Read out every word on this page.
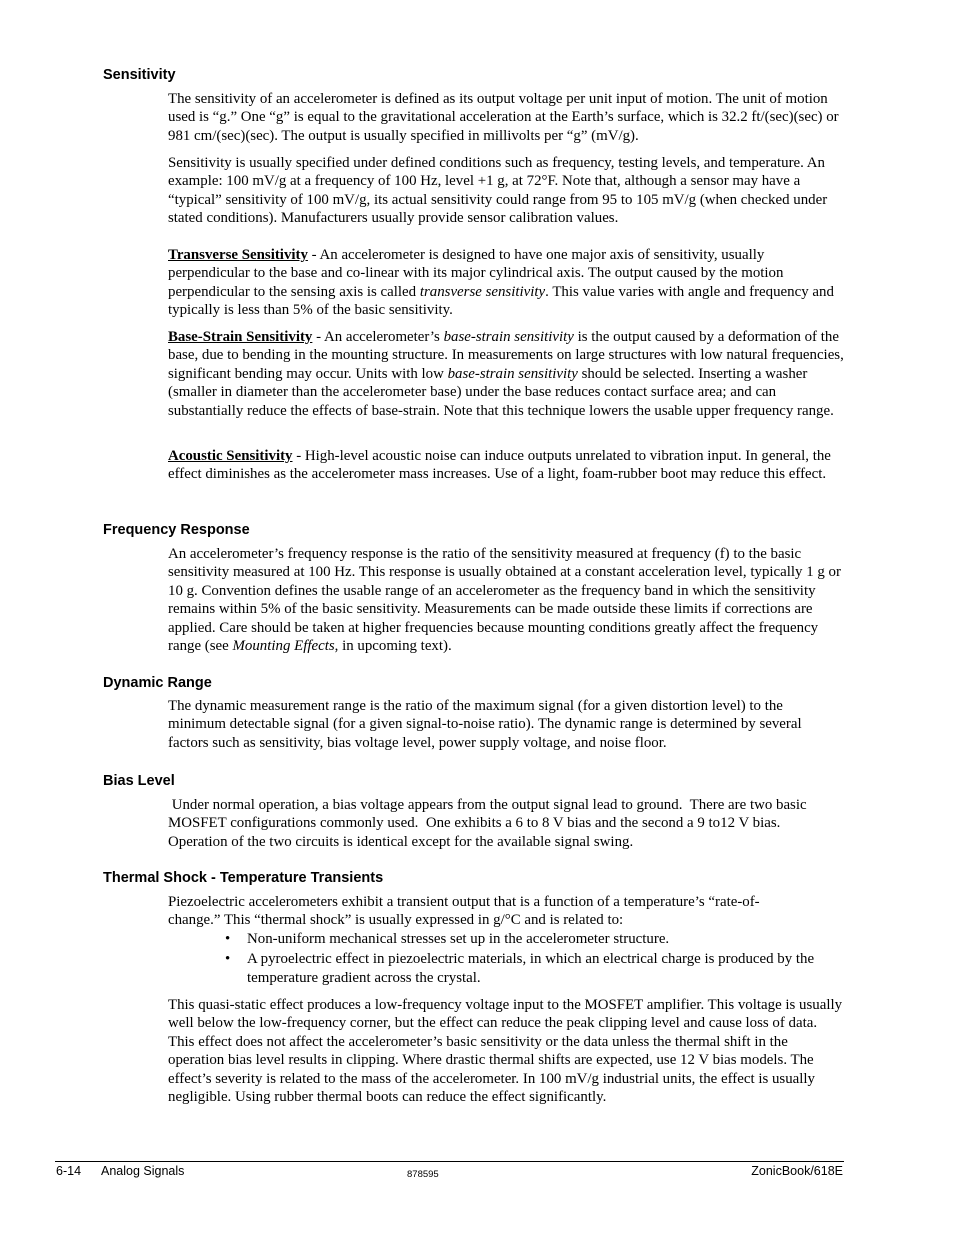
Sensitivity

The sensitivity of an accelerometer is defined as its output voltage per unit input of motion. The unit of motion used is “g.” One “g” is equal to the gravitational acceleration at the Earth’s surface, which is 32.2 ft/(sec)(sec) or 981 cm/(sec)(sec). The output is usually specified in millivolts per “g” (mV/g).

Sensitivity is usually specified under defined conditions such as frequency, testing levels, and temperature. An example: 100 mV/g at a frequency of 100 Hz, level +1 g, at 72°F. Note that, although a sensor may have a “typical” sensitivity of 100 mV/g, its actual sensitivity could range from 95 to 105 mV/g (when checked under stated conditions). Manufacturers usually provide sensor calibration values.

Transverse Sensitivity - An accelerometer is designed to have one major axis of sensitivity, usually perpendicular to the base and co-linear with its major cylindrical axis. The output caused by the motion perpendicular to the sensing axis is called transverse sensitivity. This value varies with angle and frequency and typically is less than 5% of the basic sensitivity.

Base-Strain Sensitivity - An accelerometer’s base-strain sensitivity is the output caused by a deformation of the base, due to bending in the mounting structure. In measurements on large structures with low natural frequencies, significant bending may occur. Units with low base-strain sensitivity should be selected. Inserting a washer (smaller in diameter than the accelerometer base) under the base reduces contact surface area; and can substantially reduce the effects of base-strain. Note that this technique lowers the usable upper frequency range.

Acoustic Sensitivity - High-level acoustic noise can induce outputs unrelated to vibration input. In general, the effect diminishes as the accelerometer mass increases. Use of a light, foam-rubber boot may reduce this effect.

Frequency Response

An accelerometer’s frequency response is the ratio of the sensitivity measured at frequency (f) to the basic sensitivity measured at 100 Hz. This response is usually obtained at a constant acceleration level, typically 1 g or 10 g. Convention defines the usable range of an accelerometer as the frequency band in which the sensitivity remains within 5% of the basic sensitivity. Measurements can be made outside these limits if corrections are applied. Care should be taken at higher frequencies because mounting conditions greatly affect the frequency range (see Mounting Effects, in upcoming text).

Dynamic Range

The dynamic measurement range is the ratio of the maximum signal (for a given distortion level) to the minimum detectable signal (for a given signal-to-noise ratio). The dynamic range is determined by several factors such as sensitivity, bias voltage level, power supply voltage, and noise floor.

Bias Level

Under normal operation, a bias voltage appears from the output signal lead to ground.  There are two basic MOSFET configurations commonly used.  One exhibits a 6 to 8 V bias and the second a 9 to12 V bias.  Operation of the two circuits is identical except for the available signal swing.

Thermal Shock - Temperature Transients

Piezoelectric accelerometers exhibit a transient output that is a function of a temperature’s “rate-of-change.” This “thermal shock” is usually expressed in g/°C and is related to:

• Non-uniform mechanical stresses set up in the accelerometer structure.
• A pyroelectric effect in piezoelectric materials, in which an electrical charge is produced by the temperature gradient across the crystal.

This quasi-static effect produces a low-frequency voltage input to the MOSFET amplifier. This voltage is usually well below the low-frequency corner, but the effect can reduce the peak clipping level and cause loss of data. This effect does not affect the accelerometer’s basic sensitivity or the data unless the thermal shift in the operation bias level results in clipping. Where drastic thermal shifts are expected, use 12 V bias models. The effect’s severity is related to the mass of the accelerometer. In 100 mV/g industrial units, the effect is usually negligible. Using rubber thermal boots can reduce the effect significantly.

6-14 Analog Signals	878595	ZonicBook/618E
